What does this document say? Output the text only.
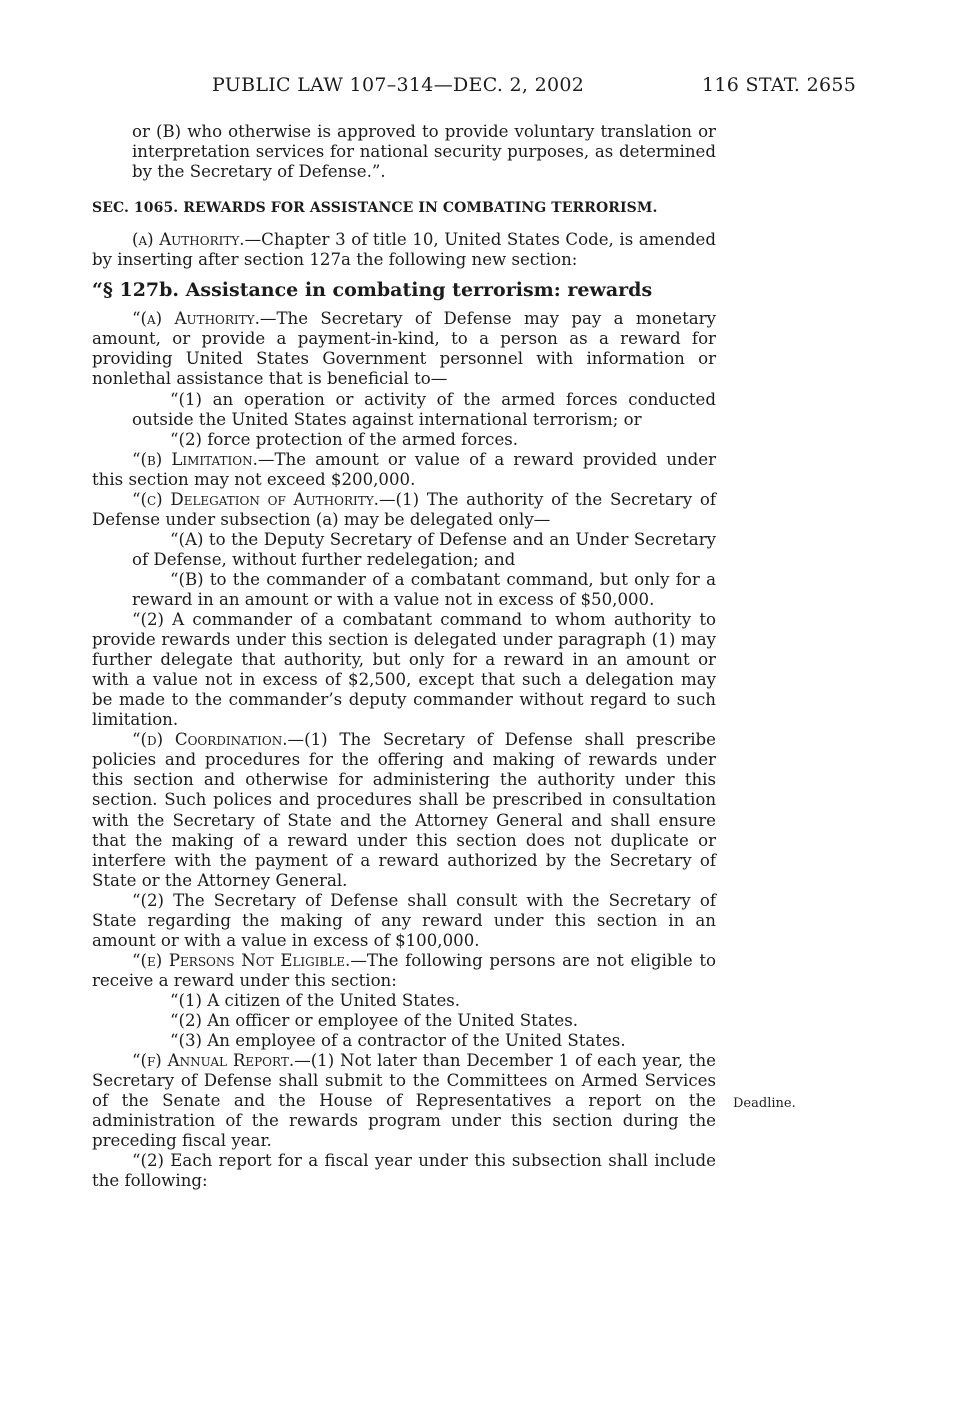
PUBLIC LAW 107–314—DEC. 2, 2002	116 STAT. 2655

or (B) who otherwise is approved to provide voluntary translation or interpretation services for national security purposes, as determined by the Secretary of Defense.”.

SEC. 1065. REWARDS FOR ASSISTANCE IN COMBATING TERRORISM.

(a) Authority.—Chapter 3 of title 10, United States Code, is amended by inserting after section 127a the following new section:

“§ 127b. Assistance in combating terrorism: rewards

“(a) Authority.—The Secretary of Defense may pay a monetary amount, or provide a payment-in-kind, to a person as a reward for providing United States Government personnel with information or nonlethal assistance that is beneficial to—

“(1) an operation or activity of the armed forces conducted outside the United States against international terrorism; or

“(2) force protection of the armed forces.

“(b) Limitation.—The amount or value of a reward provided under this section may not exceed $200,000.

“(c) Delegation of Authority.—(1) The authority of the Secretary of Defense under subsection (a) may be delegated only—

“(A) to the Deputy Secretary of Defense and an Under Secretary of Defense, without further redelegation; and

“(B) to the commander of a combatant command, but only for a reward in an amount or with a value not in excess of $50,000.

“(2) A commander of a combatant command to whom authority to provide rewards under this section is delegated under paragraph (1) may further delegate that authority, but only for a reward in an amount or with a value not in excess of $2,500, except that such a delegation may be made to the commander’s deputy commander without regard to such limitation.

“(d) Coordination.—(1) The Secretary of Defense shall prescribe policies and procedures for the offering and making of rewards under this section and otherwise for administering the authority under this section. Such polices and procedures shall be prescribed in consultation with the Secretary of State and the Attorney General and shall ensure that the making of a reward under this section does not duplicate or interfere with the payment of a reward authorized by the Secretary of State or the Attorney General.

“(2) The Secretary of Defense shall consult with the Secretary of State regarding the making of any reward under this section in an amount or with a value in excess of $100,000.

“(e) Persons Not Eligible.—The following persons are not eligible to receive a reward under this section:

“(1) A citizen of the United States.

“(2) An officer or employee of the United States.

“(3) An employee of a contractor of the United States.

“(f) Annual Report.—(1) Not later than December 1 of each year, the Secretary of Defense shall submit to the Committees on Armed Services of the Senate and the House of Representatives a report on the administration of the rewards program under this section during the preceding fiscal year.

“(2) Each report for a fiscal year under this subsection shall include the following:

Deadline.
